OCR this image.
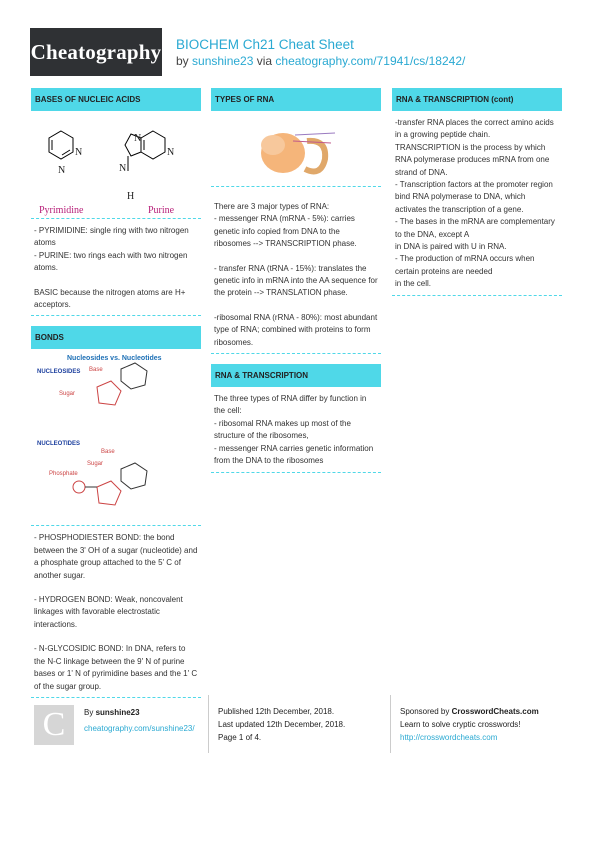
Cheatography BIOCHEM Ch21 Cheat Sheet
by sunshine23 via cheatography.com/71941/cs/18242/
BASES OF NUCLEIC ACIDS
N
N
N
N
N
H
Pyrimidine	Purine

- PYRIMIDINE: single ring with two nitrogen atoms

- PURINE: two rings each with two nitrogen atoms.

BASIC because the nitrogen atoms are H+ acceptors.

BONDS
Nucleosides vs. Nucleotides
NUCLEOSIDES Base
Sugar
NUCLEOTIDES
Base
Sugar
Phosphate

- PHOSPHODIESTER BOND: the bond between the 3' OH of a sugar (nucleotide) and a phosphate group attached to the 5' C of another sugar.

- HYDROGEN BOND: Weak, noncovalent linkages with favorable electrostatic interactions.

- N-GLYCOSIDIC BOND: In DNA, refers to the N-C linkage between the 9' N of purine bases or 1' N of pyrimidine bases and the 1' C of the sugar group.

TYPES OF RNA

There are 3 major types of RNA:

- messenger RNA (mRNA - 5%): carries genetic info copied from DNA to the ribosomes --> TRANSCRIPTION phase.

- transfer RNA (tRNA - 15%): translates the genetic info in mRNA into the AA sequence for the protein --> TRANSLATION phase.

-ribosomal RNA (rRNA - 80%): most abundant type of RNA; combined with proteins to form ribosomes.

RNA & TRANSCRIPTION

The three types of RNA differ by function in the cell:

- ribosomal RNA makes up most of the structure of the ribosomes,

- messenger RNA carries genetic information from the DNA to the ribosomes

RNA & TRANSCRIPTION (cont)

-transfer RNA places the correct amino acids in a growing peptide chain.

TRANSCRIPTION is the process by which RNA polymerase produces mRNA from one strand of DNA.

- Transcription factors at the promoter region bind RNA polymerase to DNA, which activates the transcription of a gene.

- The bases in the mRNA are complementary to the DNA, except A

in DNA is paired with U in RNA.

- The production of mRNA occurs when certain proteins are needed

in the cell.

C	By sunshine23
cheatography.com/sunshine23/
Published 12th December, 2018.
Last updated 12th December, 2018.
Page 1 of 4.
Sponsored by CrosswordCheats.com
Learn to solve cryptic crosswords!
http://crosswordcheats.com
